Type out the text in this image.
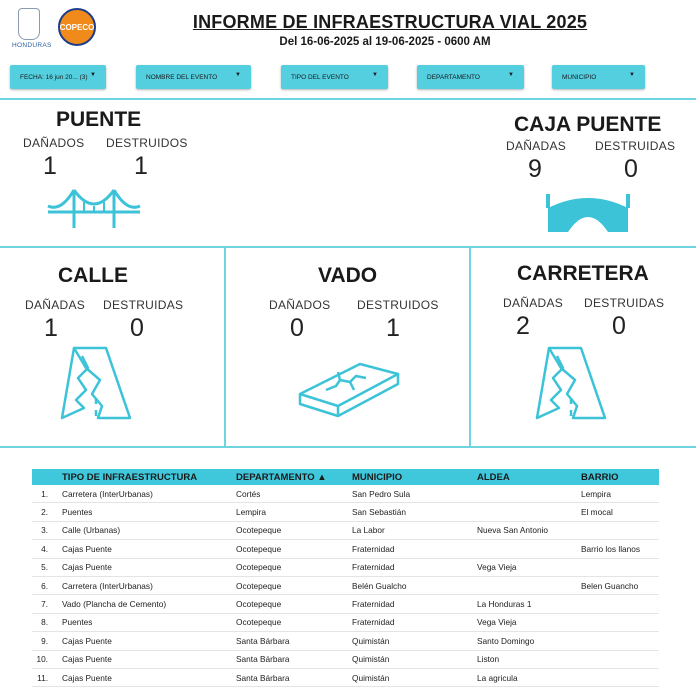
HONDURAS
COPECO	INFORME DE INFRAESTRUCTURA VIAL 2025
Del 16-06-2025 al 19-06-2025 - 0600 AM
FECHA: 16 jun 20... (3) ▼	NOMBRE DEL EVENTO	▼	TIPO DEL EVENTO	▼	DEPARTAMENTO	▼	MUNICIPIO	▼
PUENTE
DAÑADOS DESTRUIDOS
1	1
CAJA PUENTE
DAÑADAS DESTRUIDAS
9	0
CALLE
DAÑADAS DESTRUIDAS
1	0
VADO
DAÑADOS DESTRUIDOS
0	1
CARRETERA
DAÑADAS DESTRUIDAS
2	0
	TIPO DE INFRAESTRUCTURA	DEPARTAMENTO ▲	MUNICIPIO	ALDEA	BARRIO
1.	Carretera (InterUrbanas)	Cortés	San Pedro Sula		Lempira
2.	Puentes	Lempira	San Sebastián		El mocal
3.	Calle (Urbanas)	Ocotepeque	La Labor	Nueva San Antonio	
4.	Cajas Puente	Ocotepeque	Fraternidad		Barrio los llanos
5.	Cajas Puente	Ocotepeque	Fraternidad	Vega Vieja	
6.	Carretera (InterUrbanas)	Ocotepeque	Belén Gualcho		Belen Guancho
7.	Vado (Plancha de Cemento)	Ocotepeque	Fraternidad	La Honduras 1	
8.	Puentes	Ocotepeque	Fraternidad	Vega Vieja	
9.	Cajas Puente	Santa Bárbara	Quimistán	Santo Domingo	
10.	Cajas Puente	Santa Bárbara	Quimistán	Liston	
11.	Cajas Puente	Santa Bárbara	Quimistán	La agricula	
